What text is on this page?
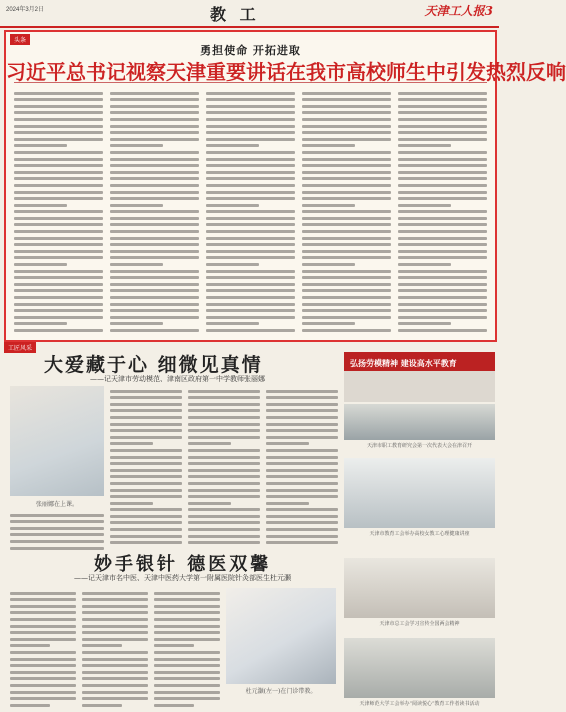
2024年3月2日	教 工	天津工人报3
头条
勇担使命 开拓进取
习近平总书记视察天津重要讲话在我市高校师生中引发热烈反响
工匠风采
大爱藏于心 细微见真情
——记天津市劳动模范、津南区政府第一中学教师张丽娜
张丽娜在上课。
妙手银针 德医双馨
——记天津市名中医、天津中医药大学第一附属医院针灸部医生杜元灏
杜元灏(左一)在门诊带教。
弘扬劳模精神 建设高水平教育
天津市职工教育研究会第一次代表大会在津召开
天津市教育工会举办高校女教工心理健康讲座
天津市总工会学习宣传全国两会精神
天津师范大学工会举办“阅读悦心”教育工作者读书活动
